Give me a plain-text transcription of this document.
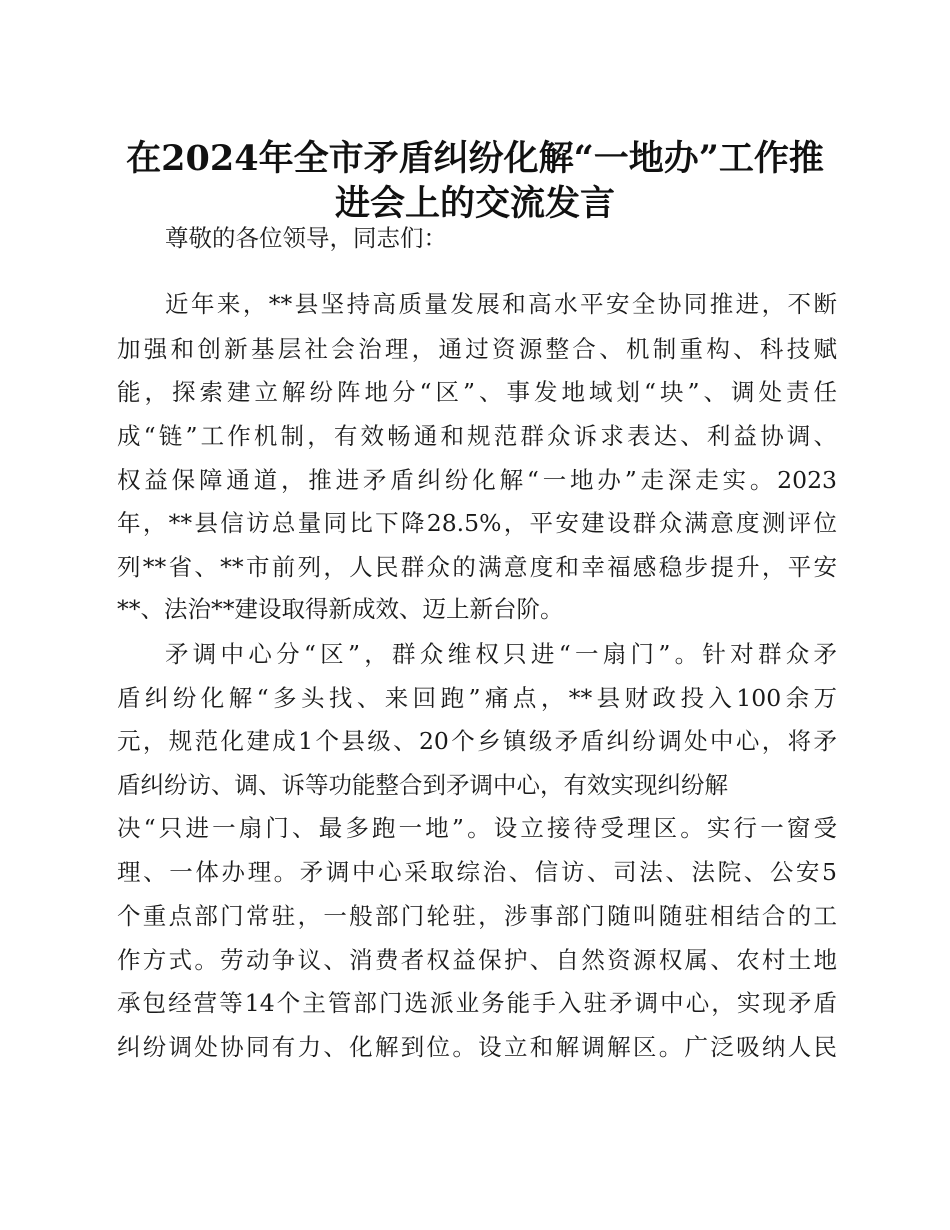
在2024年全市矛盾纠纷化解“一地办”工作推
进会上的交流发言
尊敬的各位领导，同志们：
近年来，**县坚持高质量发展和高水平安全协同推进，不断
加强和创新基层社会治理，通过资源整合、机制重构、科技赋
能，探索建立解纷阵地分“区”、事发地域划“块”、调处责任
成“链”工作机制，有效畅通和规范群众诉求表达、利益协调、
权益保障通道，推进矛盾纠纷化解“一地办”走深走实。2023
年，**县信访总量同比下降28.5%，平安建设群众满意度测评位
列**省、**市前列，人民群众的满意度和幸福感稳步提升，平安
**、法治**建设取得新成效、迈上新台阶。
矛调中心分“区”，群众维权只进“一扇门”。针对群众矛
盾纠纷化解“多头找、来回跑”痛点，**县财政投入100余万
元，规范化建成1个县级、20个乡镇级矛盾纠纷调处中心，将矛
盾纠纷访、调、诉等功能整合到矛调中心，有效实现纠纷解
决“只进一扇门、最多跑一地”。设立接待受理区。实行一窗受
理、一体办理。矛调中心采取综治、信访、司法、法院、公安5
个重点部门常驻，一般部门轮驻，涉事部门随叫随驻相结合的工
作方式。劳动争议、消费者权益保护、自然资源权属、农村土地
承包经营等14个主管部门选派业务能手入驻矛调中心，实现矛盾
纠纷调处协同有力、化解到位。设立和解调解区。广泛吸纳人民
